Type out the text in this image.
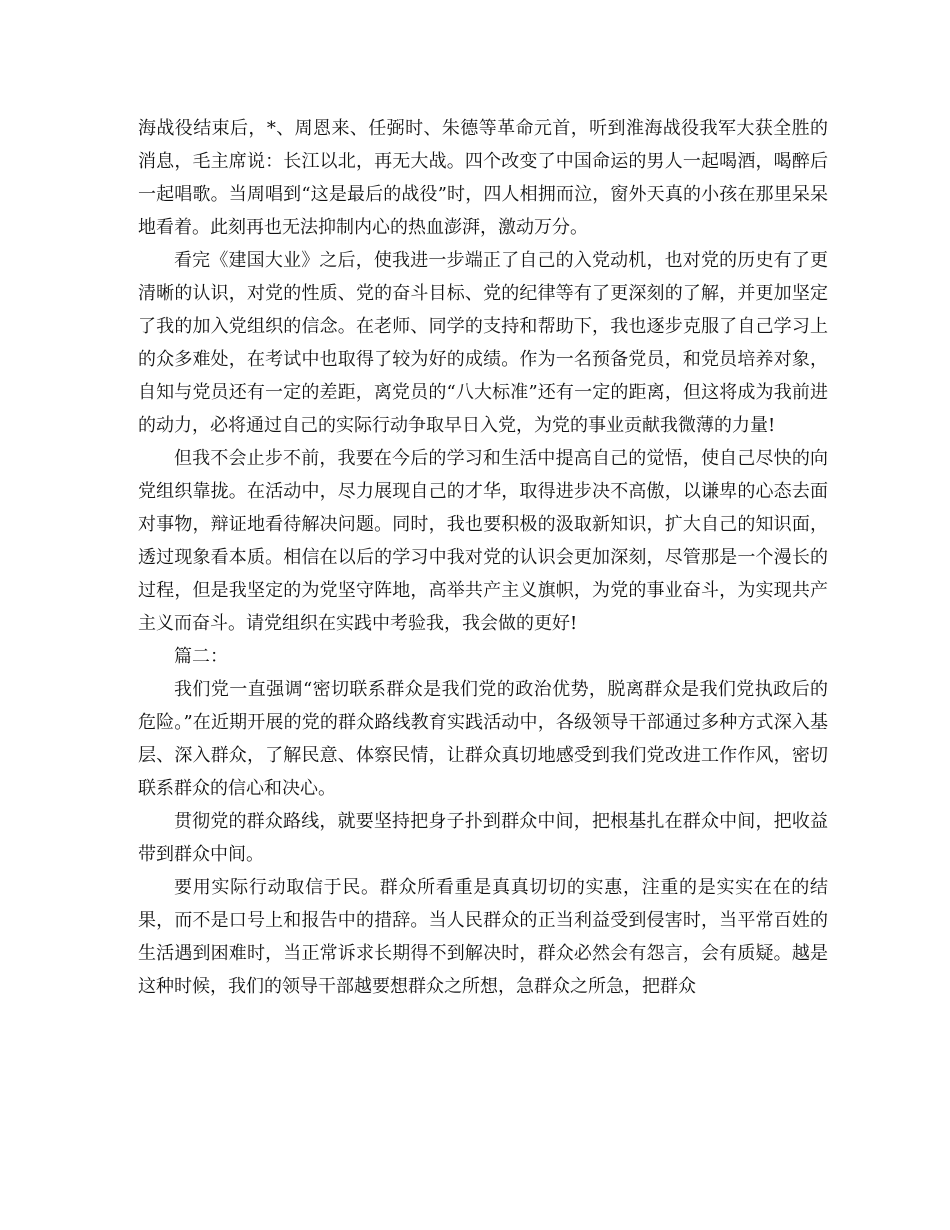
海战役结束后，*、周恩来、任弼时、朱德等革命元首，听到淮海战役我军大获全胜的消息，毛主席说：长江以北，再无大战。四个改变了中国命运的男人一起喝酒，喝醉后一起唱歌。当周唱到“这是最后的战役”时，四人相拥而泣，窗外天真的小孩在那里呆呆地看着。此刻再也无法抑制内心的热血澎湃，激动万分。

看完《建国大业》之后，使我进一步端正了自己的入党动机，也对党的历史有了更清晰的认识，对党的性质、党的奋斗目标、党的纪律等有了更深刻的了解，并更加坚定了我的加入党组织的信念。在老师、同学的支持和帮助下，我也逐步克服了自己学习上的众多难处，在考试中也取得了较为好的成绩。作为一名预备党员，和党员培养对象，自知与党员还有一定的差距，离党员的“八大标准”还有一定的距离，但这将成为我前进的动力，必将通过自己的实际行动争取早日入党，为党的事业贡献我微薄的力量!

但我不会止步不前，我要在今后的学习和生活中提高自己的觉悟，使自己尽快的向党组织靠拢。在活动中，尽力展现自己的才华，取得进步决不高傲，以谦卑的心态去面对事物，辩证地看待解决问题。同时，我也要积极的汲取新知识，扩大自己的知识面，透过现象看本质。相信在以后的学习中我对党的认识会更加深刻，尽管那是一个漫长的过程，但是我坚定的为党坚守阵地，高举共产主义旗帜，为党的事业奋斗，为实现共产主义而奋斗。请党组织在实践中考验我，我会做的更好!

篇二：

我们党一直强调“密切联系群众是我们党的政治优势，脱离群众是我们党执政后的危险。”在近期开展的党的群众路线教育实践活动中，各级领导干部通过多种方式深入基层、深入群众，了解民意、体察民情，让群众真切地感受到我们党改进工作作风，密切联系群众的信心和决心。

贯彻党的群众路线，就要坚持把身子扑到群众中间，把根基扎在群众中间，把收益带到群众中间。

要用实际行动取信于民。群众所看重是真真切切的实惠，注重的是实实在在的结果，而不是口号上和报告中的措辞。当人民群众的正当利益受到侵害时，当平常百姓的生活遇到困难时，当正常诉求长期得不到解决时，群众必然会有怨言，会有质疑。越是这种时候，我们的领导干部越要想群众之所想，急群众之所急，把群众
